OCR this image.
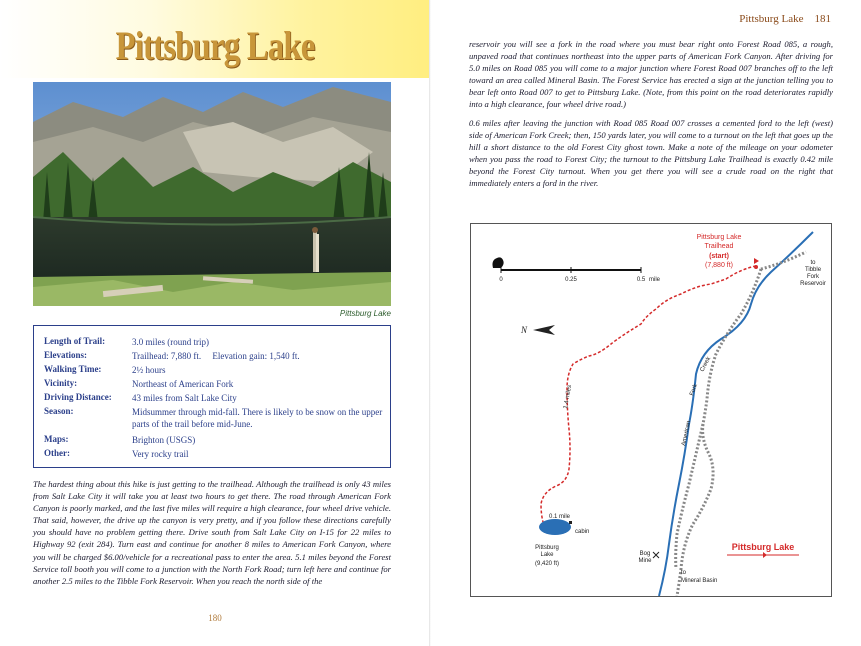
Pittsburg Lake
Pittsburg Lake
Length of Trail:	3.0 miles (round trip)
Elevations:	Trailhead: 7,880 ft.     Elevation gain: 1,540 ft.
Walking Time:	2½ hours
Vicinity:	Northeast of American Fork
Driving Distance: 43 miles from Salt Lake City
Season:	Midsummer through mid-fall. There is likely to be snow on the upper parts of the trail before mid-June.
Maps:	Brighton (USGS)
Other:	Very rocky trail
The hardest thing about this hike is just getting to the trailhead. Although the trailhead is only 43 miles from Salt Lake City it will take you at least two hours to get there. The road through American Fork Canyon is poorly marked, and the last five miles will require a high clearance, four wheel drive vehicle. That said, however, the drive up the canyon is very pretty, and if you follow these directions carefully you should have no problem getting there. Drive south from Salt Lake City on I-15 for 22 miles to Highway 92 (exit 284). Turn east and continue for another 8 miles to American Fork Canyon, where you will be charged $6.00/vehicle for a recreational pass to enter the area. 5.1 miles beyond the Forest Service toll booth you will come to a junction with the North Fork Road; turn left here and continue for another 2.5 miles to the Tibble Fork Reservoir. When you reach the north side of the
180
Pittsburg Lake 181

reservoir you will see a fork in the road where you must bear right onto Forest Road 085, a rough, unpaved road that continues northeast into the upper parts of American Fork Canyon. After driving for 5.0 miles on Road 085 you will come to a major junction where Forest Road 007 branches off to the left toward an area called Mineral Basin. The Forest Service has erected a sign at the junction telling you to bear left onto Road 007 to get to Pittsburg Lake. (Note, from this point on the road deteriorates rapidly into a high clearance, four wheel drive road.)

0.6 miles after leaving the junction with Road 085 Road 007 crosses a cemented ford to the left (west) side of American Fork Creek; then, 150 yards later, you will come to a turnout on the left that goes up the hill a short distance to the old Forest City ghost town. Make a note of the mileage on your odometer when you pass the road to Forest City; the turnout to the Pittsburg Lake Trailhead is exactly 0.42 mile beyond the Forest City turnout. When you get there you will see a crude road on the right that immediately enters a ford in the river.

0	0.25	0.5 mile
N
Pittsburg Lake
Trailhead
(start)
(7,880 ft)	to
Tibble
Fork
Reservoir
1.4 miles
Creek
Fork
American
0.1 mile
cabin
Pittsburg
Lake
(9,420 ft)
Bog
Mine
to
Mineral Basin
Pittsburg Lake
